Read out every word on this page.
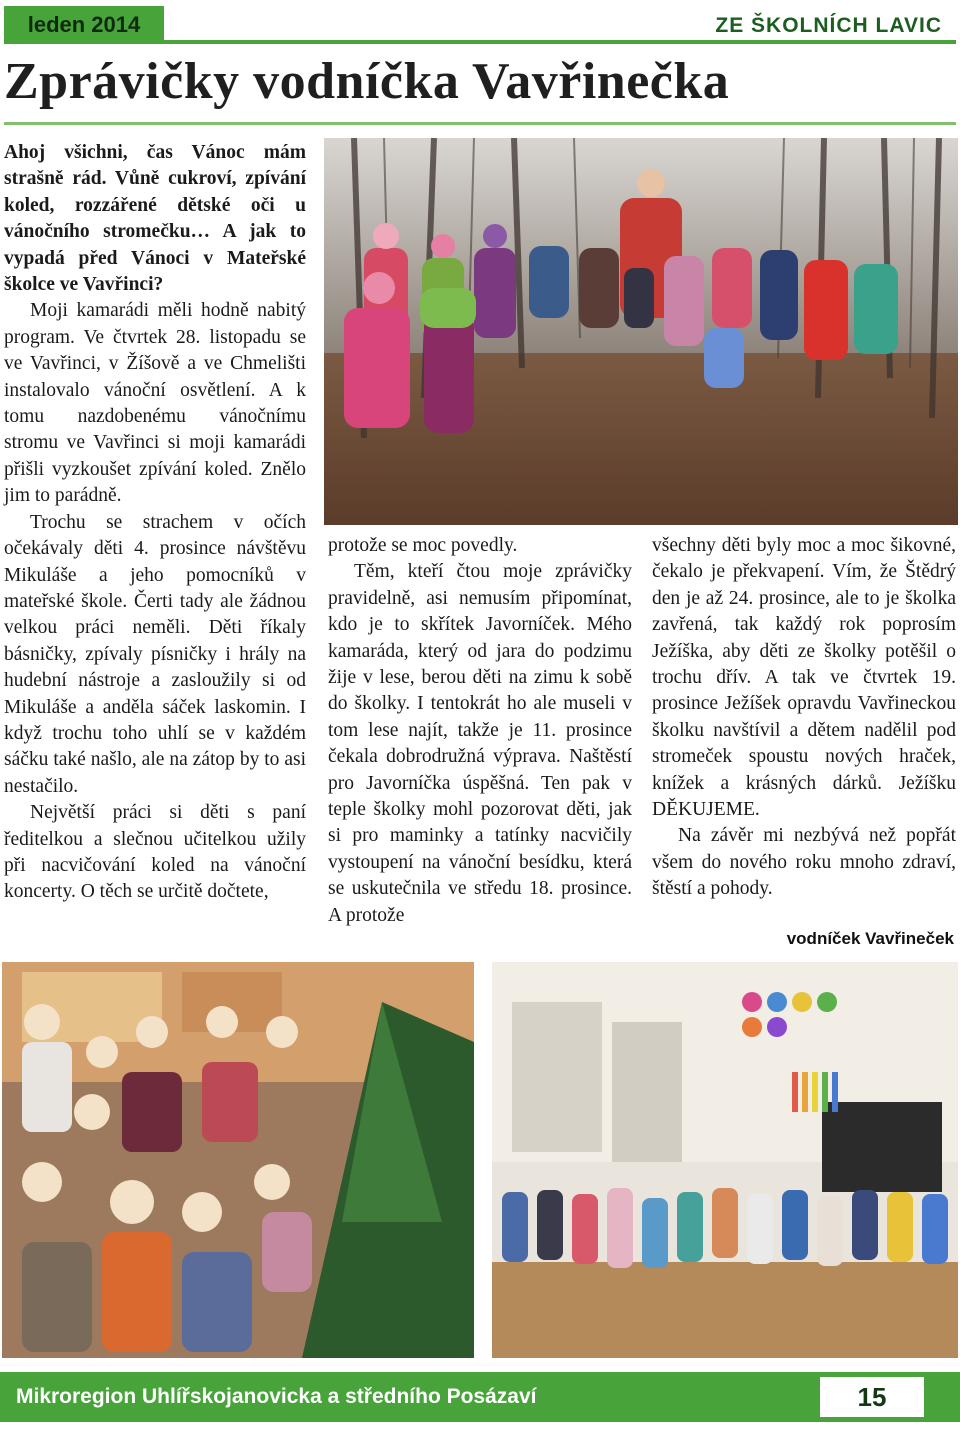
leden 2014	ZE ŠKOLNÍCH LAVIC
Zprávičky vodníčka Vavřinečka

Ahoj všichni, čas Vánoc mám strašně rád. Vůně cukroví, zpívání koled, rozzářené dětské oči u vánočního stromečku… A jak to vypadá před Vánoci v Mateřské školce ve Vavřinci?

Moji kamarádi měli hodně nabitý program. Ve čtvrtek 28. listopadu se ve Vavřinci, v Žíšově a ve Chmelišti instalovalo vánoční osvětlení. A k tomu nazdobenému vánočnímu stromu ve Vavřinci si moji kamarádi přišli vyzkoušet zpívání koled. Znělo jim to parádně.

Trochu se strachem v očích očekávaly děti 4. prosince návštěvu Mikuláše a jeho pomocníků v mateřské škole. Čerti tady ale žádnou velkou práci neměli. Děti říkaly básničky, zpívaly písničky i hrály na hudební nástroje a zasloužily si od Mikuláše a anděla sáček laskomin. I když trochu toho uhlí se v každém sáčku také našlo, ale na zátop by to asi nestačilo.

Největší práci si děti s paní ředitelkou a slečnou učitelkou užily při nacvičování koled na vánoční koncerty. O těch se určitě dočtete,

protože se moc povedly.

Těm, kteří čtou moje zprávičky pravidelně, asi nemusím připomínat, kdo je to skřítek Javorníček. Mého kamaráda, který od jara do podzimu žije v lese, berou děti na zimu k sobě do školky. I tentokrát ho ale museli v tom lese najít, takže je 11. prosince čekala dobrodružná výprava. Naštěstí pro Javorníčka úspěšná. Ten pak v teple školky mohl pozorovat děti, jak si pro maminky a tatínky nacvičily vystoupení na vánoční besídku, která se uskutečnila ve středu 18. prosince. A protože

všechny děti byly moc a moc šikovné, čekalo je překvapení. Vím, že Štědrý den je až 24. prosince, ale to je školka zavřená, tak každý rok poprosím Ježíška, aby děti ze školky potěšil o trochu dřív. A tak ve čtvrtek 19. prosince Ježíšek opravdu Vavřineckou školku navštívil a dětem nadělil pod stromeček spoustu nových hraček, knížek a krásných dárků. Ježíšku DĚKUJEME.

Na závěr mi nezbývá než popřát všem do nového roku mnoho zdraví, štěstí a pohody.

vodníček Vavřineček
Mikroregion Uhlířskojanovicka a středního Posázaví	15
